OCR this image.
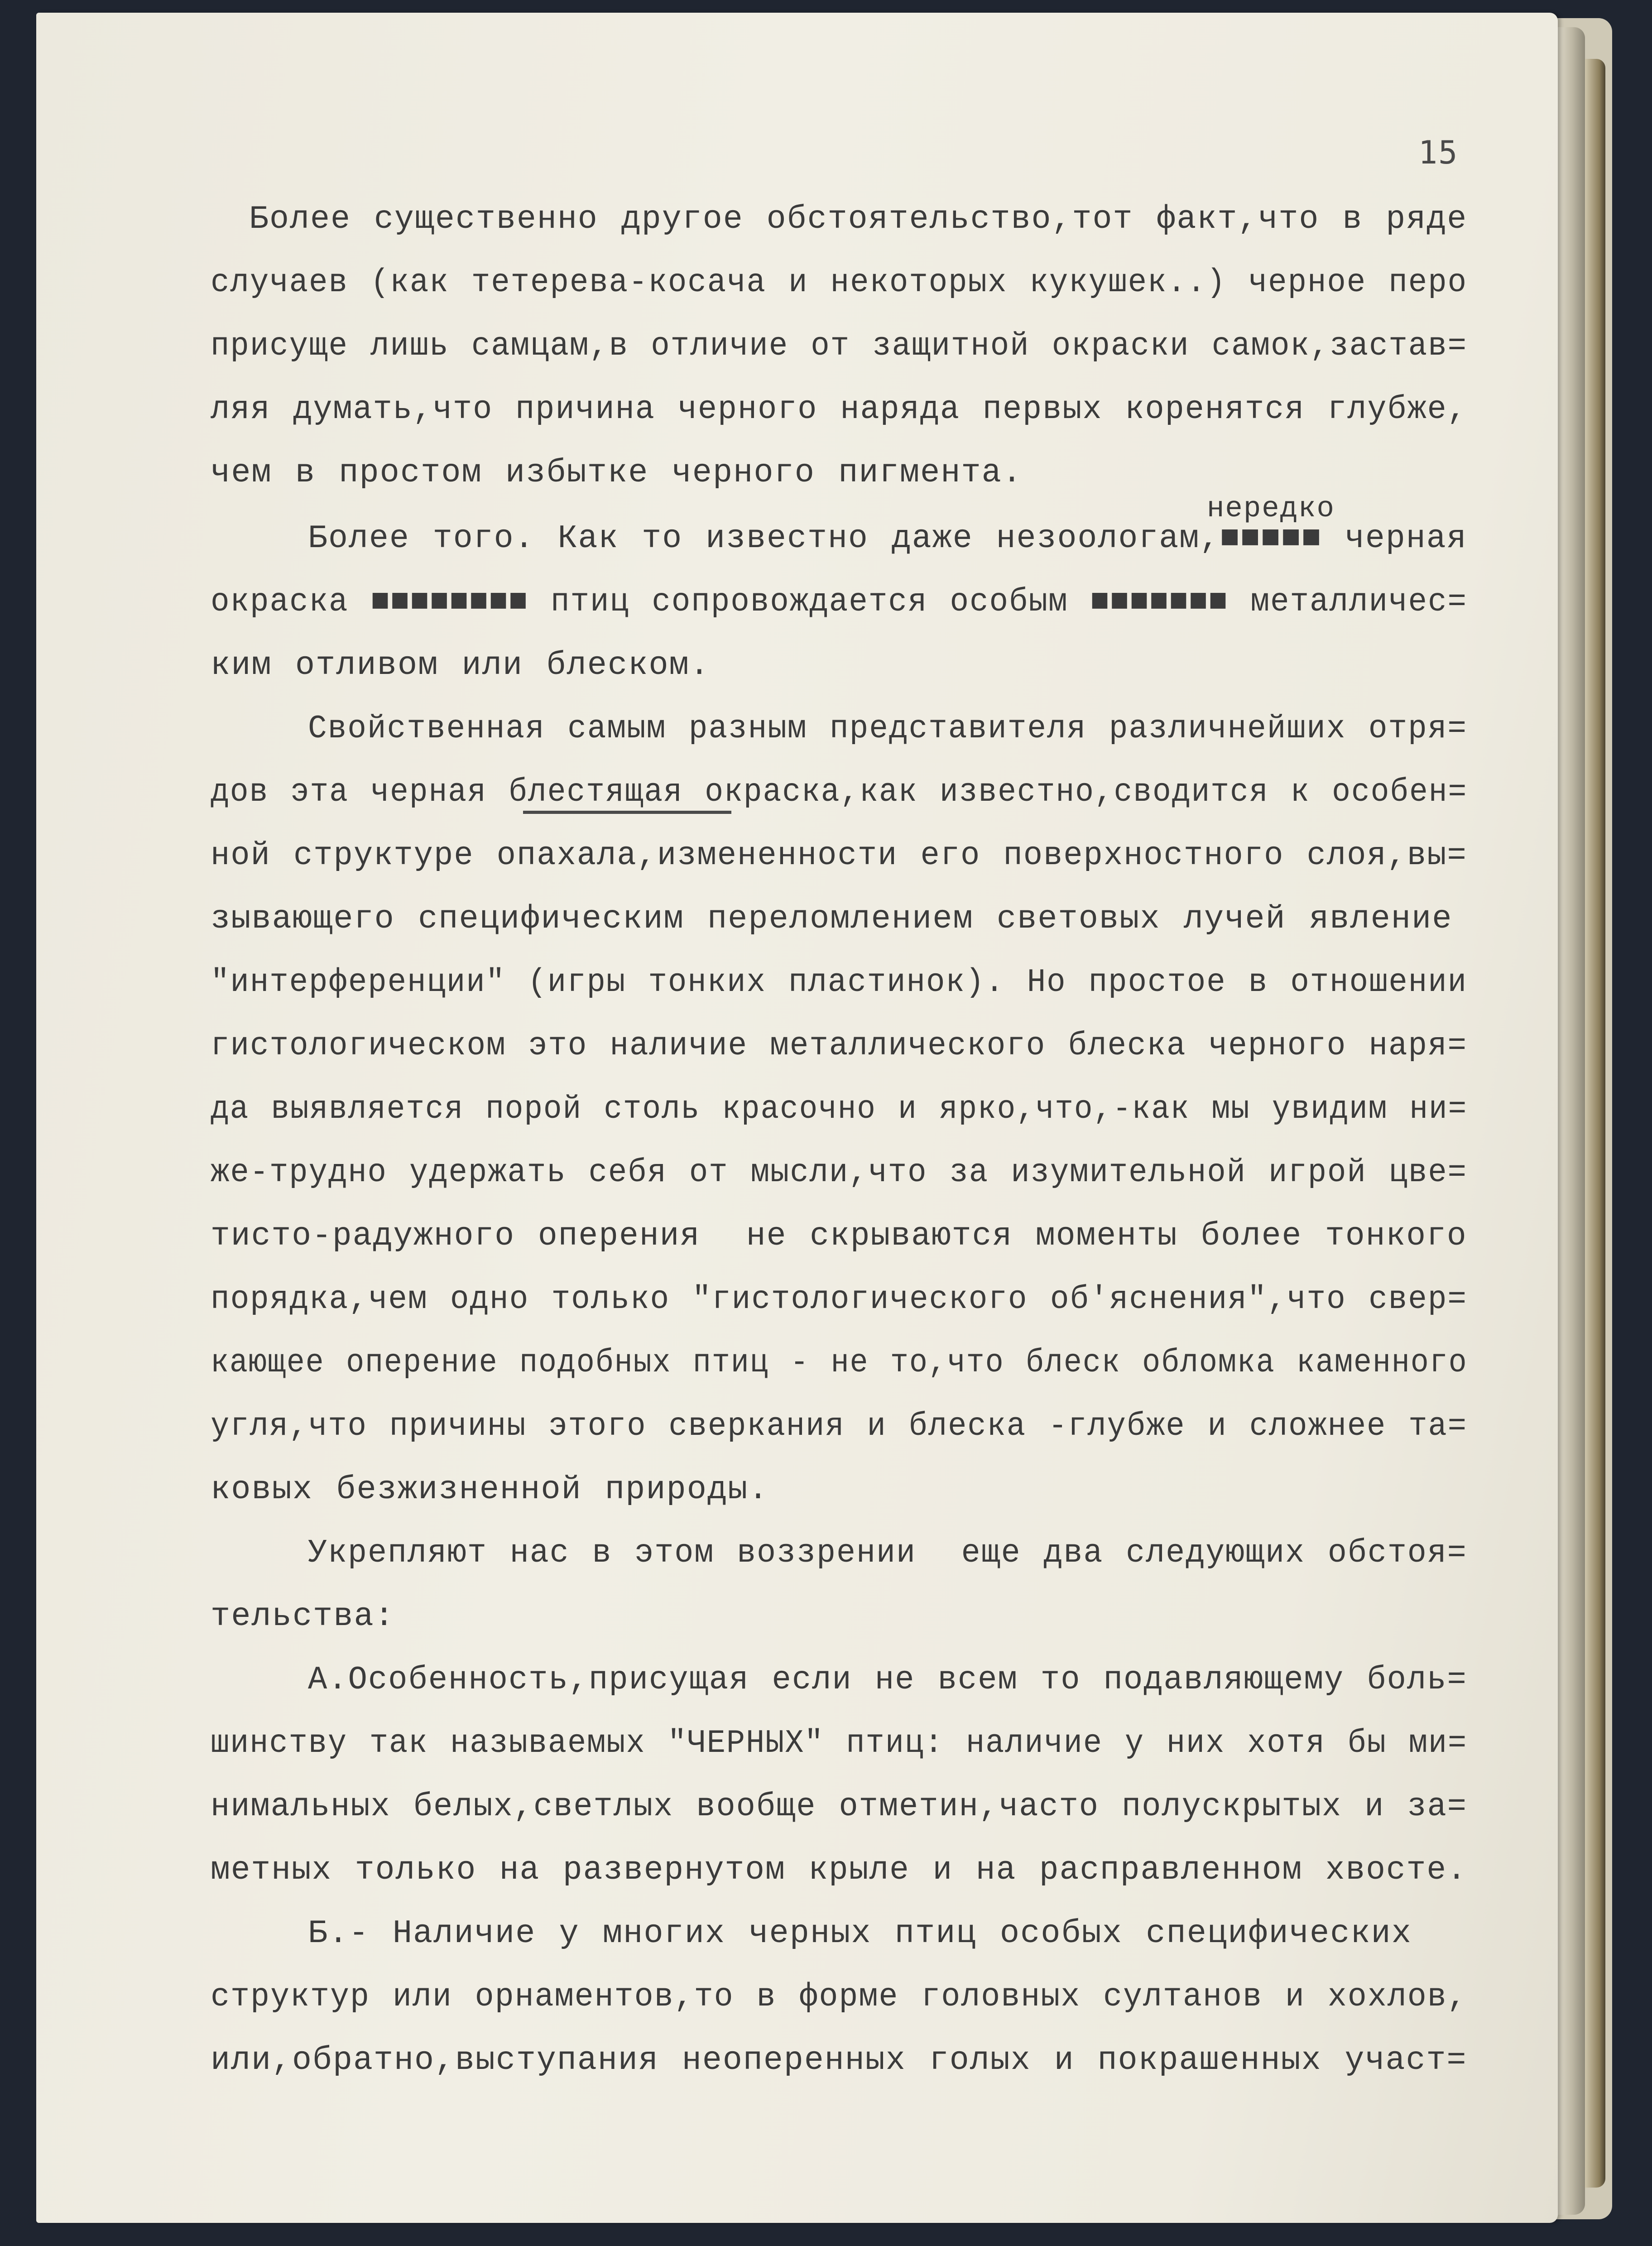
15
нередко
Более существенно другое обстоятельство,тот факт,что в ряде
случаев (как тетерева-косача и некоторых кукушек..) черное перо
присуще лишь самцам,в отличие от защитной окраски самок,застав=
ляя думать,что причина черного наряда первых коренятся глубже,
чем в простом избытке черного пигмента.
Более того. Как то известно даже незоологам,■■■■■ черная
окраска ■■■■■■■■ птиц сопровождается особым ■■■■■■■ металличес=
ким отливом или блеском.
Свойственная самым разным представителя различнейших отря=
дов эта черная блестящая окраска,как известно,сводится к особен=
ной структуре опахала,измененности его поверхностного слоя,вы=
зывающего специфическим переломлением световых лучей явление
"интерференции" (игры тонких пластинок). Но простое в отношении
гистологическом это наличие металлического блеска черного наря=
да выявляется порой столь красочно и ярко,что,-как мы увидим ни=
же-трудно удержать себя от мысли,что за изумительной игрой цве=
тисто-радужного оперения  не скрываются моменты более тонкого
порядка,чем одно только "гистологического об'яснения",что свер=
кающее оперение подобных птиц - не то,что блеск обломка каменного
угля,что причины этого сверкания и блеска -глубже и сложнее та=
ковых безжизненной природы.
Укрепляют нас в этом воззрении  еще два следующих обстоя=
тельства:
А.Особенность,присущая если не всем то подавляющему боль=
шинству так называемых "ЧЕРНЫХ" птиц: наличие у них хотя бы ми=
нимальных белых,светлых вообще отметин,часто полускрытых и за=
метных только на развернутом крыле и на расправленном хвосте.
Б.- Наличие у многих черных птиц особых специфических
структур или орнаментов,то в форме головных султанов и хохлов,
или,обратно,выступания неоперенных голых и покрашенных участ=
